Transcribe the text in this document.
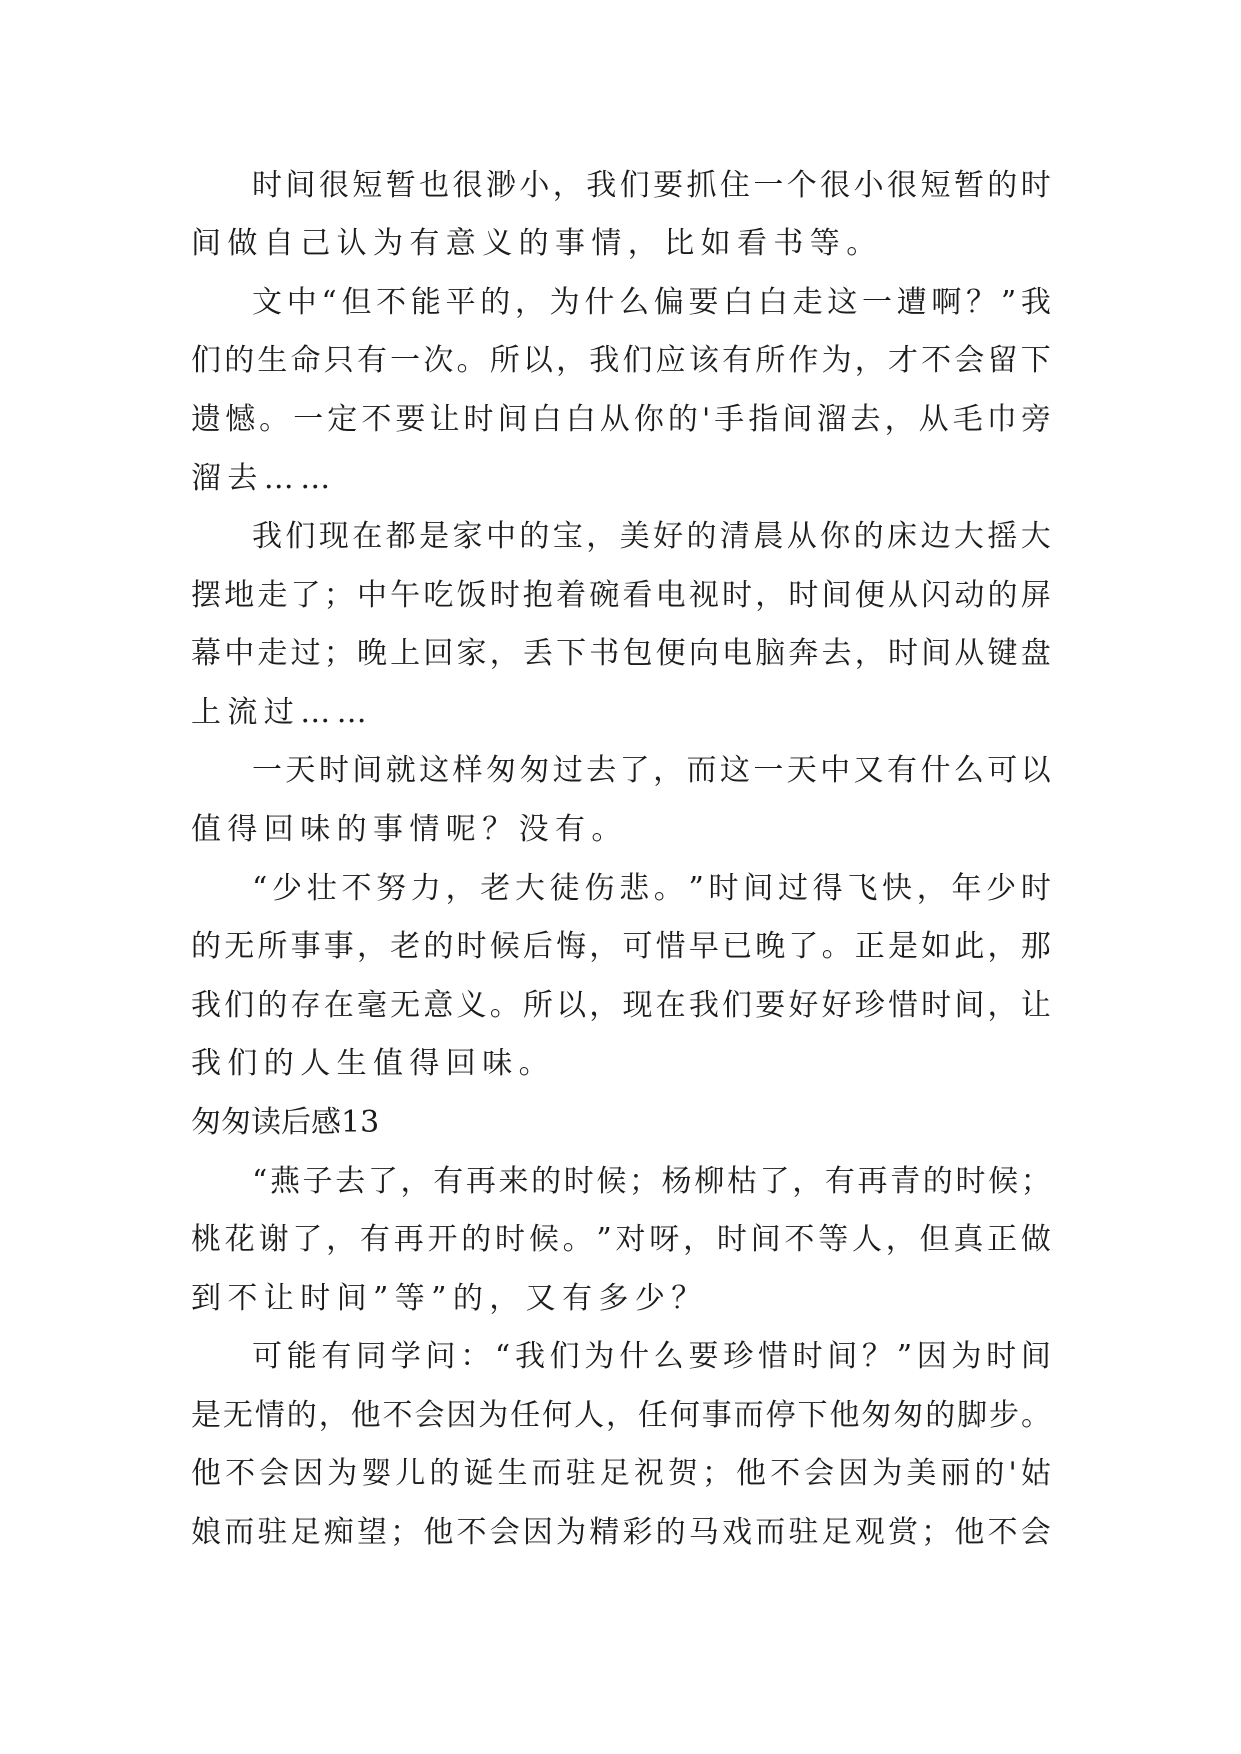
时 间 很 短 暂 也 很 渺 小 ， 我 们 要 抓 住 一 个 很 小 很 短 暂 的 时
间做自己认为有意义的事情，比如看书等。
文 中 “ 但 不 能 平 的 ， 为 什 么 偏 要 白 白 走 这 一 遭 啊 ？ ” 我
们 的 生 命 只 有 一 次 。 所 以 ， 我 们 应 该 有 所 作 为 ， 才 不 会 留 下
遗 憾 。 一 定 不 要 让 时 间 白 白 从 你 的 ' 手 指 间 溜 去 ， 从 毛 巾 旁
溜去……
我 们 现 在 都 是 家 中 的 宝 ， 美 好 的 清 晨 从 你 的 床 边 大 摇 大
摆 地 走 了 ； 中 午 吃 饭 时 抱 着 碗 看 电 视 时 ， 时 间 便 从 闪 动 的 屏
幕 中 走 过 ； 晚 上 回 家 ， 丢 下 书 包 便 向 电 脑 奔 去 ， 时 间 从 键 盘
上流过……
一 天 时 间 就 这 样 匆 匆 过 去 了 ， 而 这 一 天 中 又 有 什 么 可 以
值得回味的事情呢？没有。
“ 少 壮 不 努 力 ， 老 大 徒 伤 悲 。 ” 时 间 过 得 飞 快 ， 年 少 时
的 无 所 事 事 ， 老 的 时 候 后 悔 ， 可 惜 早 已 晚 了 。 正 是 如 此 ， 那
我 们 的 存 在 毫 无 意 义 。 所 以 ， 现 在 我 们 要 好 好 珍 惜 时 间 ， 让
我们的人生值得回味。
匆匆读后感13
“ 燕 子 去 了 ， 有 再 来 的 时 候 ； 杨 柳 枯 了 ， 有 再 青 的 时 候 ；
桃 花 谢 了 ， 有 再 开 的 时 候 。 ” 对 呀 ， 时 间 不 等 人 ， 但 真 正 做
到不让时间”等”的，又有多少？
可 能 有 同 学 问 ： “ 我 们 为 什 么 要 珍 惜 时 间 ？ ” 因 为 时 间
是 无 情 的 ， 他 不 会 因 为 任 何 人 ， 任 何 事 而 停 下 他 匆 匆 的 脚 步 。
他 不 会 因 为 婴 儿 的 诞 生 而 驻 足 祝 贺 ； 他 不 会 因 为 美 丽 的 ' 姑
娘 而 驻 足 痴 望 ； 他 不 会 因 为 精 彩 的 马 戏 而 驻 足 观 赏 ； 他 不 会
